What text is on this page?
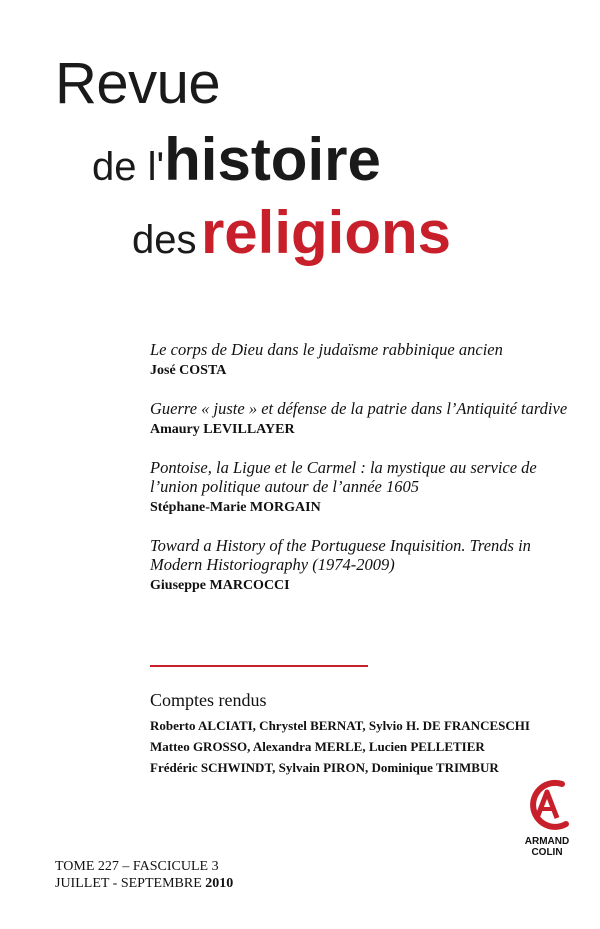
Revue
de l'histoire
des religions
Le corps de Dieu dans le judaïsme rabbinique ancien
José COSTA
Guerre « juste » et défense de la patrie dans l’Antiquité tardive
Amaury LEVILLAYER
Pontoise, la Ligue et le Carmel : la mystique au service de l’union politique autour de l’année 1605
Stéphane-Marie MORGAIN
Toward a History of the Portuguese Inquisition. Trends in Modern Historiography (1974-2009)
Giuseppe MARCOCCI
Comptes rendus
Roberto ALCIATI, Chrystel BERNAT, Sylvio H. DE FRANCESCHI
Matteo GROSSO, Alexandra MERLE, Lucien PELLETIER
Frédéric SCHWINDT, Sylvain PIRON, Dominique TRIMBUR
TOME 227 – FASCICULE 3
JUILLET - SEPTEMBRE 2010
ARMAND
COLIN
